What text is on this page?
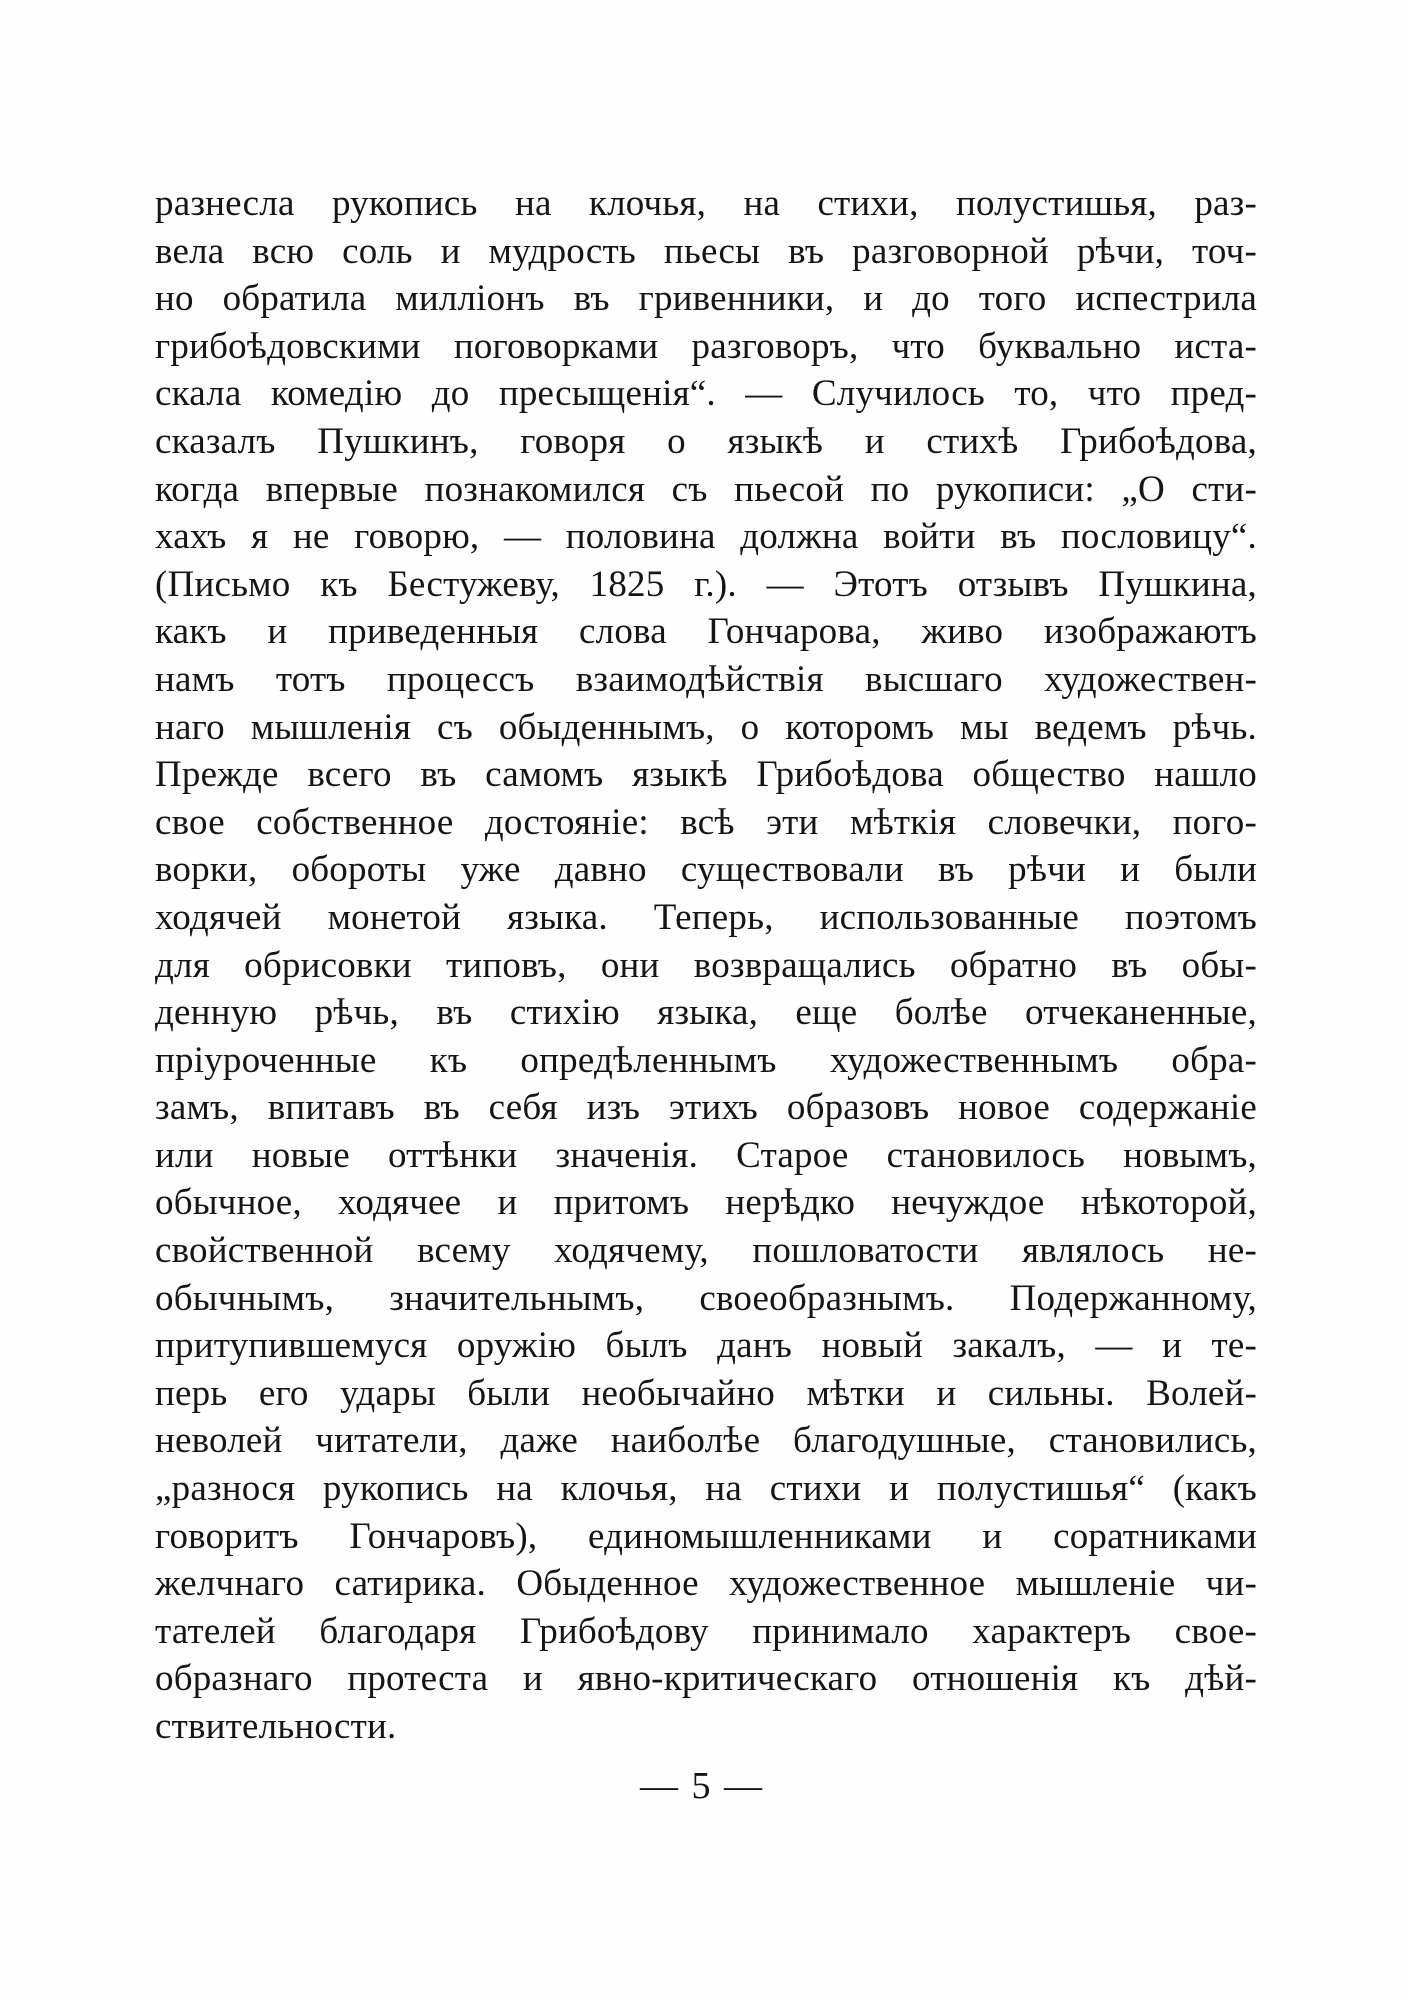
разнесла рукопись на клочья, на стихи, полустишья, раз-
вела всю соль и мудрость пьесы въ разговорной рѣчи, точ-
но обратила милліонъ въ гривенники, и до того испестрила
грибоѣдовскими поговорками разговоръ, что буквально иста-
скала комедію до пресыщенія“. — Случилось то, что пред-
сказалъ Пушкинъ, говоря о языкѣ и стихѣ Грибоѣдова,
когда впервые познакомился съ пьесой по рукописи: „О сти-
хахъ я не говорю, — половина должна войти въ пословицу“.
(Письмо къ Бестужеву, 1825 г.). — Этотъ отзывъ Пушкина,
какъ и приведенныя слова Гончарова, живо изображаютъ
намъ тотъ процессъ взаимодѣйствія высшаго художествен-
наго мышленія съ обыденнымъ, о которомъ мы ведемъ рѣчь.
Прежде всего въ самомъ языкѣ Грибоѣдова общество нашло
свое собственное достояніе: всѣ эти мѣткія словечки, пого-
ворки, обороты уже давно существовали въ рѣчи и были
ходячей монетой языка. Теперь, использованные поэтомъ
для обрисовки типовъ, они возвращались обратно въ обы-
денную рѣчь, въ стихію языка, еще болѣе отчеканенные,
пріуроченные къ опредѣленнымъ художественнымъ обра-
замъ, впитавъ въ себя изъ этихъ образовъ новое содержаніе
или новые оттѣнки значенія. Старое становилось новымъ,
обычное, ходячее и притомъ нерѣдко нечуждое нѣкоторой,
свойственной всему ходячему, пошловатости являлось не-
обычнымъ, значительнымъ, своеобразнымъ. Подержанному,
притупившемуся оружію былъ данъ новый закалъ, — и те-
перь его удары были необычайно мѣтки и сильны. Волей-
неволей читатели, даже наиболѣе благодушные, становились,
„разнося рукопись на клочья, на стихи и полустишья“ (какъ
говоритъ Гончаровъ), единомышленниками и соратниками
желчнаго сатирика. Обыденное художественное мышленіе чи-
тателей благодаря Грибоѣдову принимало характеръ свое-
образнаго протеста и явно-критическаго отношенія къ дѣй-
ствительности.
— 5 —
